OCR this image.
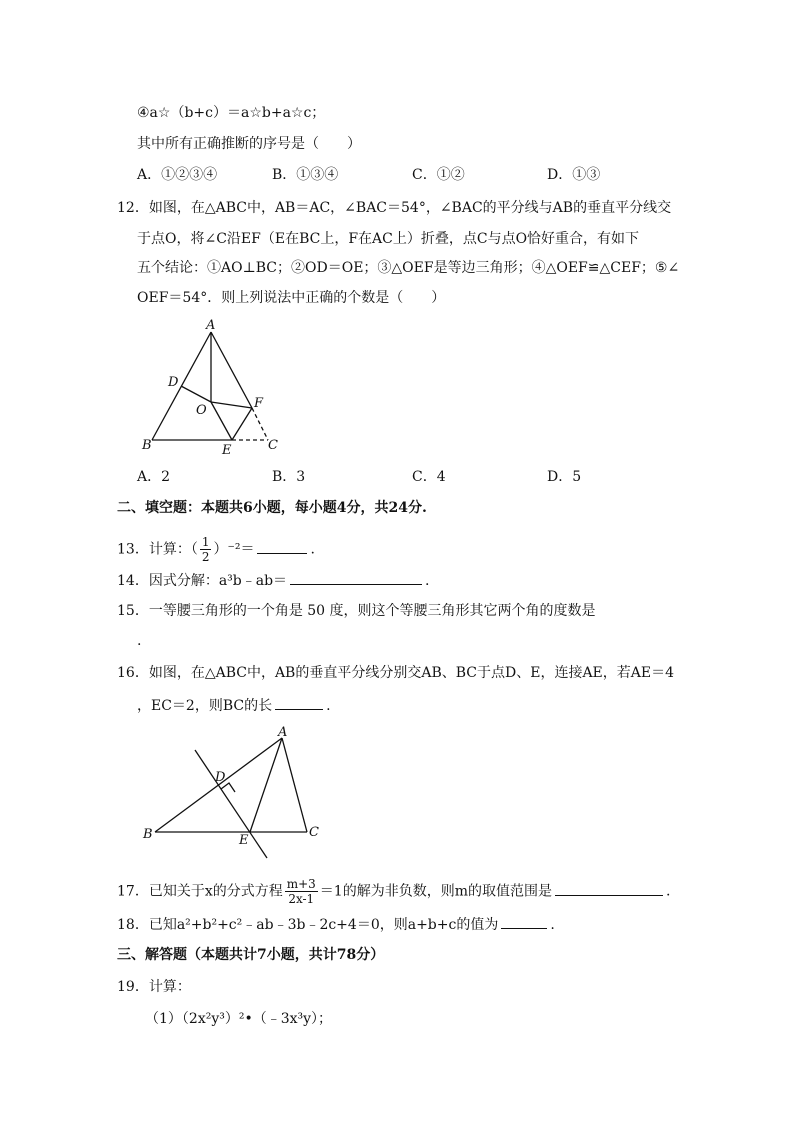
④a☆（b+c）＝a☆b+a☆c；
其中所有正确推断的序号是（　　）
A．①②③④	B．①③④	C．①②	D．①③
12．如图，在△ABC中，AB＝AC，∠BAC＝54°，∠BAC的平分线与AB的垂直平分线交
于点O，将∠C沿EF（E在BC上，F在AC上）折叠，点C与点O恰好重合，有如下
五个结论：①AO⊥BC；②OD＝OE；③△OEF是等边三角形；④△OEF≌△CEF；⑤∠
OEF＝54°．则上列说法中正确的个数是（　　）
A
D
O	F
B	E	C
A．2	B．3	C．4	D．5
二、填空题：本题共6小题，每小题4分，共24分.
13．计算：（ $\frac{1}{2} )^{-2}=$	.
14．因式分解：a³b﹣ab＝	.
15．一等腰三角形的一个角是 50 度，则这个等腰三角形其它两个角的度数是
.
16．如图，在△ABC中，AB的垂直平分线分别交AB、BC于点D、E，连接AE，若AE＝4
，EC＝2，则BC的长	.
A
D
B	E
C
17．已知关于x的分式方程 $\frac{m+3}{2x-1} =1$的解为非负数，则m的取值范围是	.
18．已知a²+b²+c²﹣ab﹣3b﹣2c+4＝0，则a+b+c的值为	.
三、解答题（本题共计7小题，共计78分）
19．计算：
（1）（2x²y³）²•（﹣3x³y）；
